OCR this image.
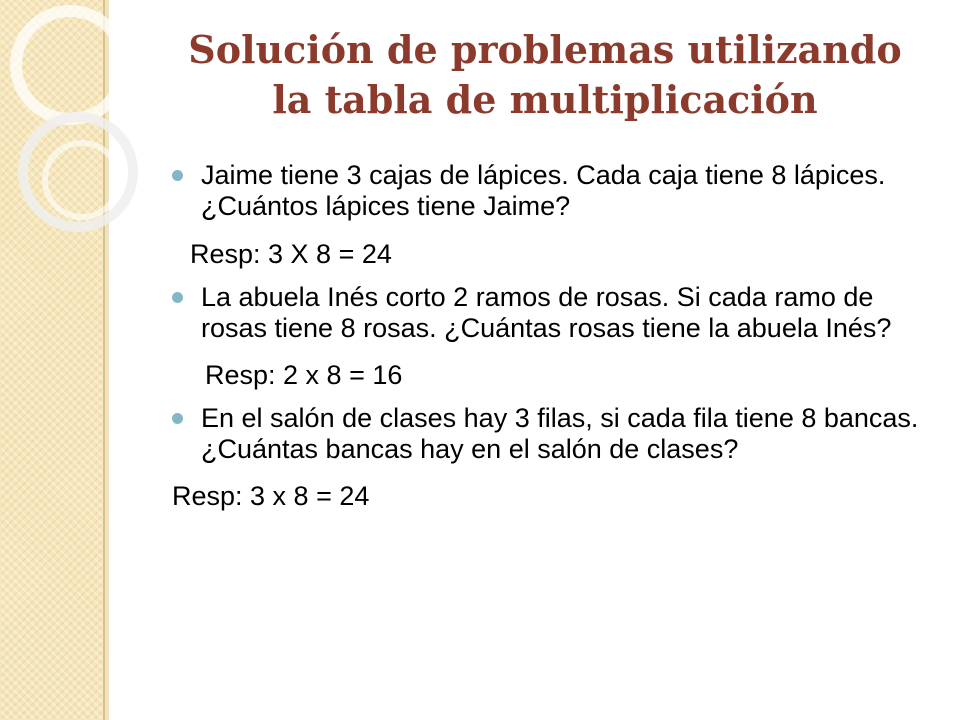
Solución de problemas utilizando
la tabla de multiplicación

Jaime tiene 3 cajas de lápices. Cada caja tiene 8 lápices. ¿Cuántos lápices tiene Jaime?

Resp: 3 X 8 = 24

La abuela Inés corto 2 ramos de rosas. Si cada ramo de rosas tiene 8 rosas. ¿Cuántas rosas tiene la abuela Inés?

Resp: 2 x 8 = 16

En el salón de clases hay 3 filas, si cada fila tiene 8 bancas. ¿Cuántas bancas hay en el salón de clases?

Resp: 3 x 8 = 24
